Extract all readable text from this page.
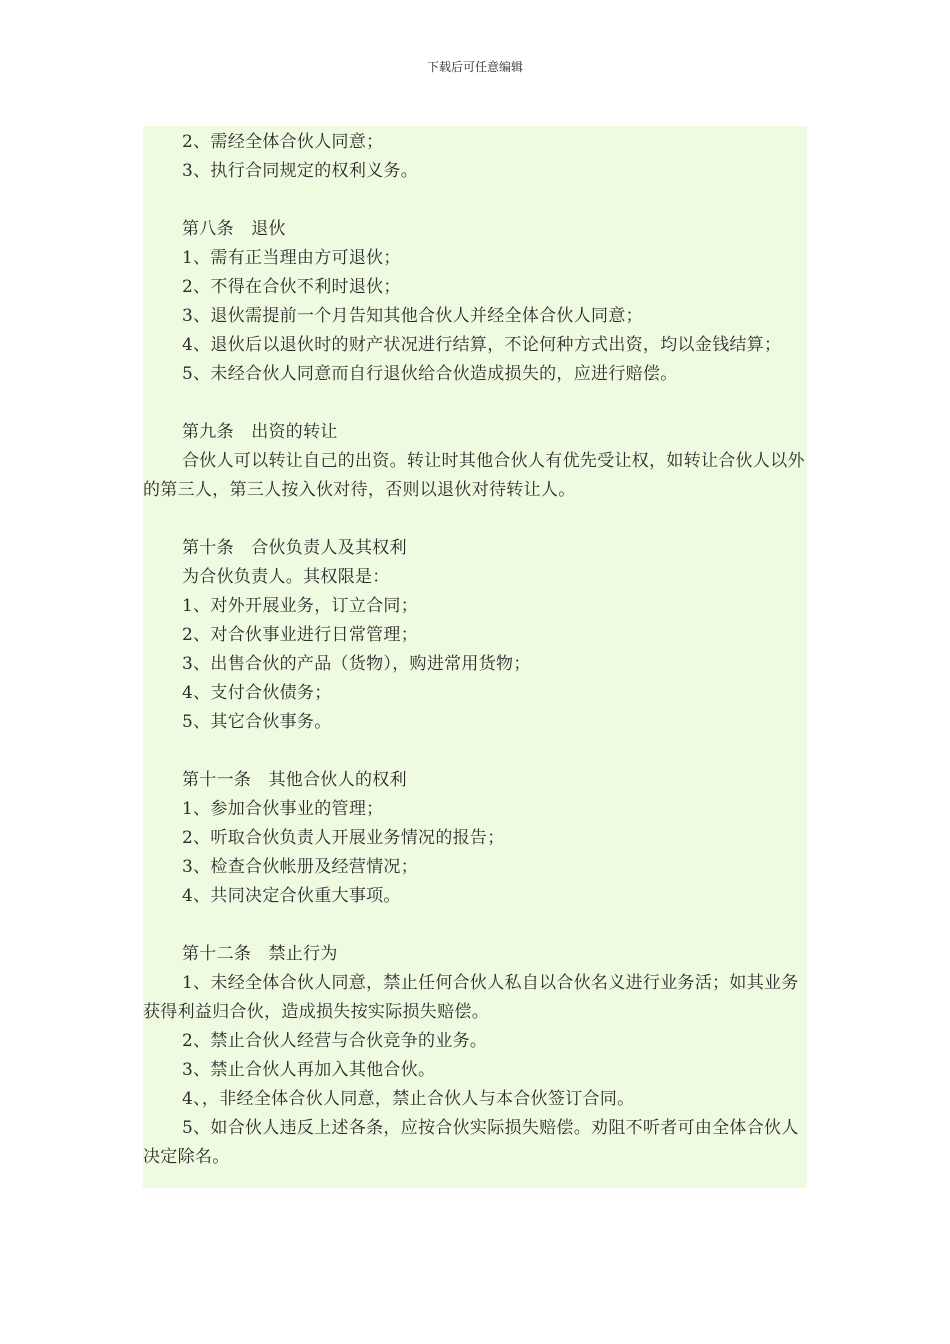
下载后可任意编辑

2、需经全体合伙人同意；

3、执行合同规定的权利义务。

第八条　退伙

1、需有正当理由方可退伙；

2、不得在合伙不利时退伙；

3、退伙需提前一个月告知其他合伙人并经全体合伙人同意；

4、退伙后以退伙时的财产状况进行结算，不论何种方式出资，均以金钱结算；

5、未经合伙人同意而自行退伙给合伙造成损失的，应进行赔偿。

第九条　出资的转让

合伙人可以转让自己的出资。转让时其他合伙人有优先受让权，如转让合伙人以外的第三人，第三人按入伙对待，否则以退伙对待转让人。

第十条　合伙负责人及其权利

为合伙负责人。其权限是：

1、对外开展业务，订立合同；

2、对合伙事业进行日常管理；

3、出售合伙的产品（货物），购进常用货物；

4、支付合伙债务；

5、其它合伙事务。

第十一条　其他合伙人的权利

1、参加合伙事业的管理；

2、听取合伙负责人开展业务情况的报告；

3、检查合伙帐册及经营情况；

4、共同决定合伙重大事项。

第十二条　禁止行为

1、未经全体合伙人同意，禁止任何合伙人私自以合伙名义进行业务活；如其业务获得利益归合伙，造成损失按实际损失赔偿。

2、禁止合伙人经营与合伙竞争的业务。

3、禁止合伙人再加入其他合伙。

4、，非经全体合伙人同意，禁止合伙人与本合伙签订合同。

5、如合伙人违反上述各条，应按合伙实际损失赔偿。劝阻不听者可由全体合伙人决定除名。
